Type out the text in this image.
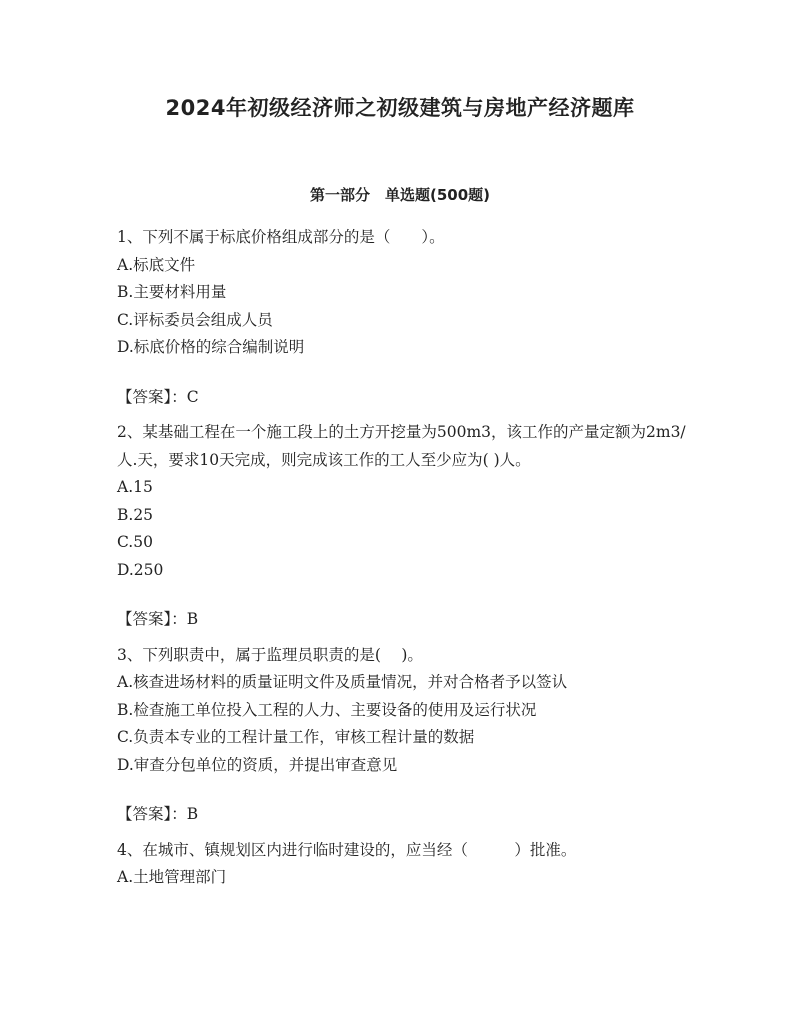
2024年初级经济师之初级建筑与房地产经济题库
第一部分　单选题(500题)
1、下列不属于标底价格组成部分的是（　　）。
A.标底文件
B.主要材料用量
C.评标委员会组成人员
D.标底价格的综合编制说明
【答案】：C
2、某基础工程在一个施工段上的土方开挖量为500m3，该工作的产量定额为2m3/人.天，要求10天完成，则完成该工作的工人至少应为( )人。
A.15
B.25
C.50
D.250
【答案】：B
3、下列职责中，属于监理员职责的是(　 )。
A.核查进场材料的质量证明文件及质量情况，并对合格者予以签认
B.检查施工单位投入工程的人力、主要设备的使用及运行状况
C.负责本专业的工程计量工作，审核工程计量的数据
D.审查分包单位的资质，并提出审查意见
【答案】：B
4、在城市、镇规划区内进行临时建设的，应当经（　　　）批准。
A.土地管理部门
